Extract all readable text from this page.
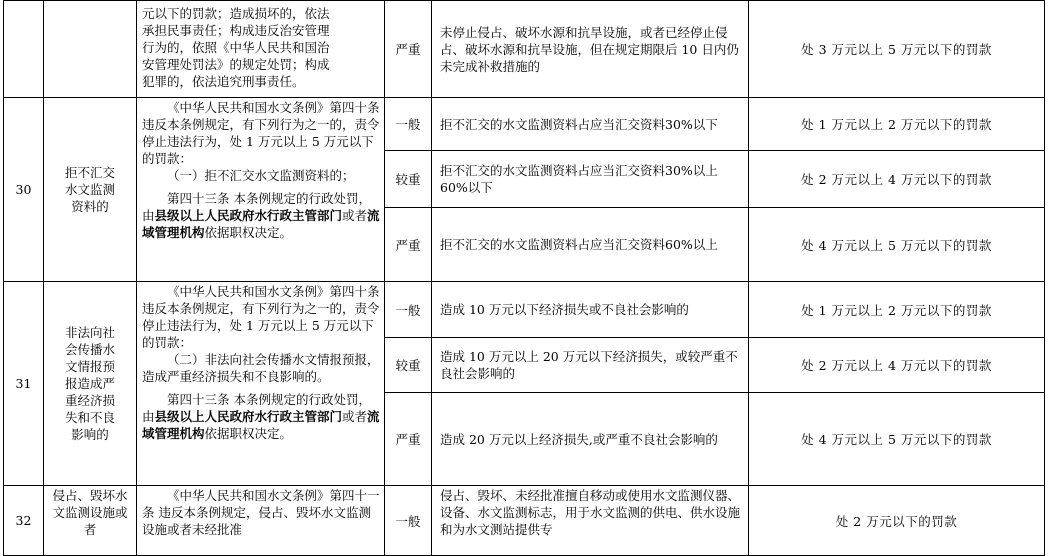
		元以下的罚款；造成损坏的，依法
承担民事责任；构成违反治安管理
行为的，依照《中华人民共和国治
安管理处罚法》的规定处罚；构成
犯罪的，依法追究刑事责任。	严重	未停止侵占、破坏水源和抗旱设施，或者已经停止侵占、破坏水源和抗旱设施，但在规定期限后 10 日内仍未完成补救措施的	处 3 万元以上 5 万元以下的罚款
30	拒不汇交水文监测资料的	《中华人民共和国水文条例》第四十条 违反本条例规定，有下列行为之一的，责令停止违法行为，处 1 万元以上 5 万元以下的罚款：
（一）拒不汇交水文监测资料的；
第四十三条 本条例规定的行政处罚，由县级以上人民政府水行政主管部门或者流域管理机构依据职权决定。	一般	拒不汇交的水文监测资料占应当汇交资料30%以下	处 1 万元以上 2 万元以下的罚款
			较重	拒不汇交的水文监测资料占应当汇交资料30%以上 60%以下	处 2 万元以上 4 万元以下的罚款
			严重	拒不汇交的水文监测资料占应当汇交资料60%以上	处 4 万元以上 5 万元以下的罚款
31	非法向社会传播水文情报预报造成严重经济损失和不良影响的	《中华人民共和国水文条例》第四十条 违反本条例规定，有下列行为之一的，责令停止违法行为，处 1 万元以上 5 万元以下的罚款：
（二）非法向社会传播水文情报预报，造成严重经济损失和不良影响的。
第四十三条 本条例规定的行政处罚，由县级以上人民政府水行政主管部门或者流域管理机构依据职权决定。	一般	造成 10 万元以下经济损失或不良社会影响的	处 1 万元以上 2 万元以下的罚款
			较重	造成 10 万元以上 20 万元以下经济损失，或较严重不良社会影响的	处 2 万元以上 4 万元以下的罚款
			严重	造成 20 万元以上经济损失,或严重不良社会影响的	处 4 万元以上 5 万元以下的罚款
32	侵占、毁坏水文监测设施或者	《中华人民共和国水文条例》第四十一条 违反本条例规定，侵占、毁坏水文监测设施或者未经批准	一般	侵占、毁坏、未经批准擅自移动或使用水文监测仪器、设备、水文监测标志，用于水文监测的供电、供水设施和为水文测站提供专	处 2 万元以下的罚款
